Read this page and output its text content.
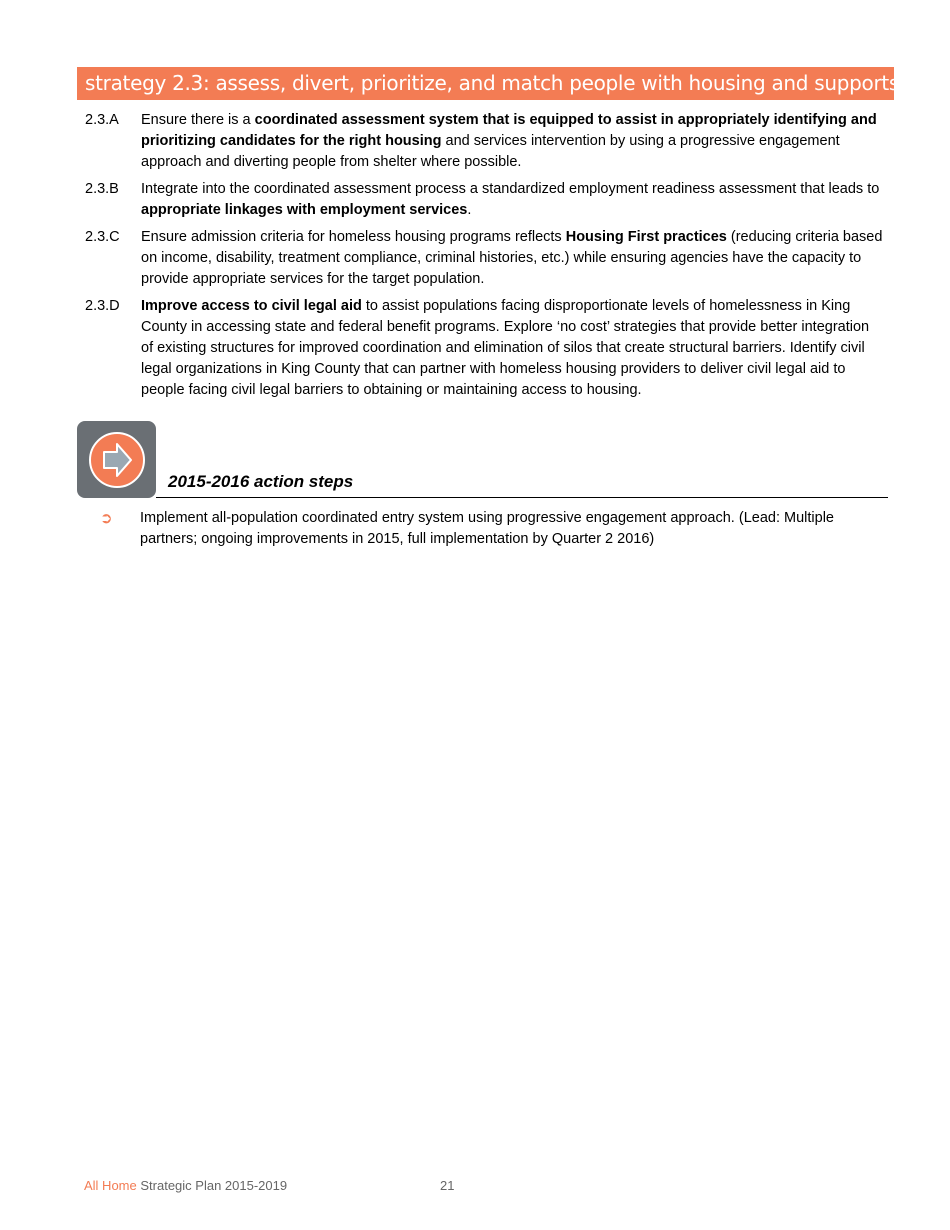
strategy 2.3: assess, divert, prioritize, and match people with housing and supports
2.3.A	Ensure there is a coordinated assessment system that is equipped to assist in appropriately identifying and prioritizing candidates for the right housing and services intervention by using a progressive engagement approach and diverting people from shelter where possible.
2.3.B	Integrate into the coordinated assessment process a standardized employment readiness assessment that leads to appropriate linkages with employment services.
2.3.C	Ensure admission criteria for homeless housing programs reflects Housing First practices (reducing criteria based on income, disability, treatment compliance, criminal histories, etc.) while ensuring agencies have the capacity to provide appropriate services for the target population.
2.3.D	Improve access to civil legal aid to assist populations facing disproportionate levels of homelessness in King County in accessing state and federal benefit programs. Explore ‘no cost’ strategies that provide better integration of existing structures for improved coordination and elimination of silos that create structural barriers. Identify civil legal organizations in King County that can partner with homeless housing providers to deliver civil legal aid to people facing civil legal barriers to obtaining or maintaining access to housing.
2015-2016 action steps
➲	Implement all-population coordinated entry system using progressive engagement approach. (Lead: Multiple partners; ongoing improvements in 2015, full implementation by Quarter 2 2016)
All Home Strategic Plan 2015-2019	21
